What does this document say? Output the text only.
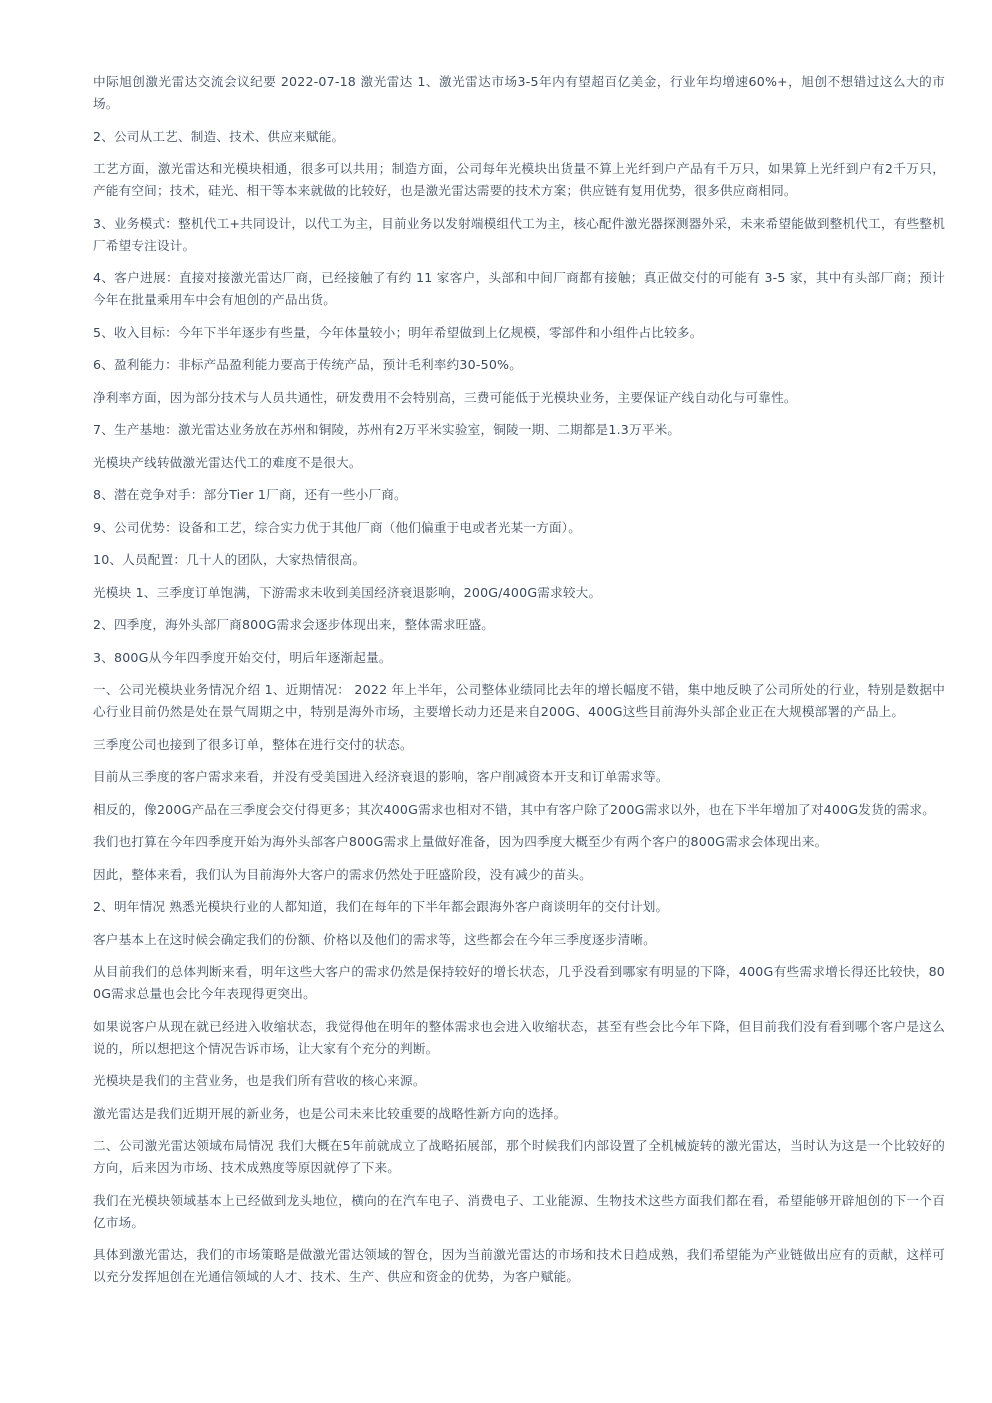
中际旭创激光雷达交流会议纪要 2022-07-18 激光雷达 1、激光雷达市场3-5年内有望超百亿美金，行业年均增速60%+，旭创不想错过这么大的市场。

2、公司从工艺、制造、技术、供应来赋能。

工艺方面，激光雷达和光模块相通，很多可以共用；制造方面，公司每年光模块出货量不算上光纤到户产品有千万只，如果算上光纤到户有2千万只，产能有空间；技术，硅光、相干等本来就做的比较好，也是激光雷达需要的技术方案；供应链有复用优势，很多供应商相同。

3、业务模式：整机代工+共同设计，以代工为主，目前业务以发射端模组代工为主，核心配件激光器探测器外采，未来希望能做到整机代工，有些整机厂希望专注设计。

4、客户进展：直接对接激光雷达厂商，已经接触了有约 11 家客户，头部和中间厂商都有接触；真正做交付的可能有 3-5 家，其中有头部厂商；预计今年在批量乘用车中会有旭创的产品出货。

5、收入目标：今年下半年逐步有些量，今年体量较小；明年希望做到上亿规模，零部件和小组件占比较多。

6、盈利能力：非标产品盈利能力要高于传统产品，预计毛利率约30-50%。

净利率方面，因为部分技术与人员共通性，研发费用不会特别高，三费可能低于光模块业务，主要保证产线自动化与可靠性。

7、生产基地：激光雷达业务放在苏州和铜陵，苏州有2万平米实验室，铜陵一期、二期都是1.3万平米。

光模块产线转做激光雷达代工的难度不是很大。

8、潜在竞争对手：部分Tier 1厂商，还有一些小厂商。

9、公司优势：设备和工艺，综合实力优于其他厂商（他们偏重于电或者光某一方面）。

10、人员配置：几十人的团队，大家热情很高。

光模块 1、三季度订单饱满，下游需求未收到美国经济衰退影响，200G/400G需求较大。

2、四季度，海外头部厂商800G需求会逐步体现出来，整体需求旺盛。

3、800G从今年四季度开始交付，明后年逐渐起量。

一、公司光模块业务情况介绍 1、近期情况： 2022 年上半年，公司整体业绩同比去年的增长幅度不错，集中地反映了公司所处的行业，特别是数据中心行业目前仍然是处在景气周期之中，特别是海外市场，主要增长动力还是来自200G、400G这些目前海外头部企业正在大规模部署的产品上。

三季度公司也接到了很多订单，整体在进行交付的状态。

目前从三季度的客户需求来看，并没有受美国进入经济衰退的影响，客户削减资本开支和订单需求等。

相反的，像200G产品在三季度会交付得更多；其次400G需求也相对不错，其中有客户除了200G需求以外，也在下半年增加了对400G发货的需求。

我们也打算在今年四季度开始为海外头部客户800G需求上量做好准备，因为四季度大概至少有两个客户的800G需求会体现出来。

因此，整体来看，我们认为目前海外大客户的需求仍然处于旺盛阶段，没有减少的苗头。

2、明年情况 熟悉光模块行业的人都知道，我们在每年的下半年都会跟海外客户商谈明年的交付计划。

客户基本上在这时候会确定我们的份额、价格以及他们的需求等，这些都会在今年三季度逐步清晰。

从目前我们的总体判断来看，明年这些大客户的需求仍然是保持较好的增长状态，几乎没看到哪家有明显的下降，400G有些需求增长得还比较快，800G需求总量也会比今年表现得更突出。

如果说客户从现在就已经进入收缩状态，我觉得他在明年的整体需求也会进入收缩状态，甚至有些会比今年下降，但目前我们没有看到哪个客户是这么说的，所以想把这个情况告诉市场，让大家有个充分的判断。

光模块是我们的主营业务，也是我们所有营收的核心来源。

激光雷达是我们近期开展的新业务，也是公司未来比较重要的战略性新方向的选择。

二、公司激光雷达领域布局情况 我们大概在5年前就成立了战略拓展部，那个时候我们内部设置了全机械旋转的激光雷达，当时认为这是一个比较好的方向，后来因为市场、技术成熟度等原因就停了下来。

我们在光模块领域基本上已经做到龙头地位，横向的在汽车电子、消费电子、工业能源、生物技术这些方面我们都在看，希望能够开辟旭创的下一个百亿市场。

具体到激光雷达，我们的市场策略是做激光雷达领域的智仓，因为当前激光雷达的市场和技术日趋成熟，我们希望能为产业链做出应有的贡献，这样可以充分发挥旭创在光通信领域的人才、技术、生产、供应和资金的优势，为客户赋能。
